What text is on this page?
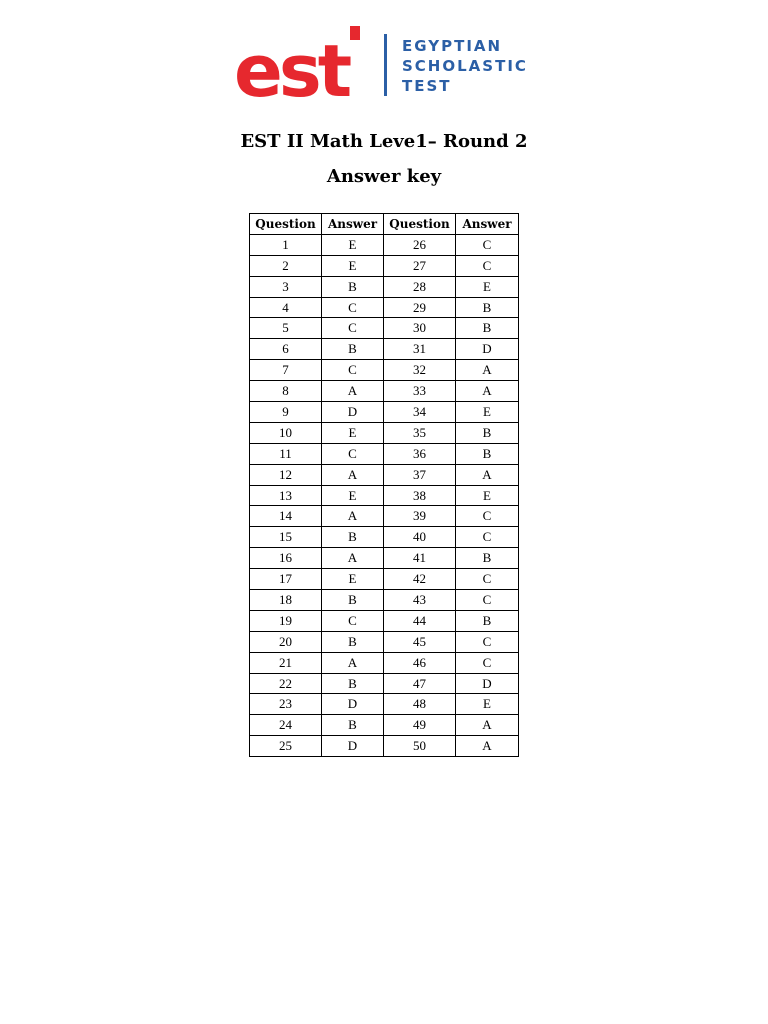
est	EGYPTIAN
SCHOLASTIC
TEST
EST II Math Leve1– Round 2
Answer key
Question	Answer	Question	Answer
1	E	26	C
2	E	27	C
3	B	28	E
4	C	29	B
5	C	30	B
6	B	31	D
7	C	32	A
8	A	33	A
9	D	34	E
10	E	35	B
11	C	36	B
12	A	37	A
13	E	38	E
14	A	39	C
15	B	40	C
16	A	41	B
17	E	42	C
18	B	43	C
19	C	44	B
20	B	45	C
21	A	46	C
22	B	47	D
23	D	48	E
24	B	49	A
25	D	50	A
